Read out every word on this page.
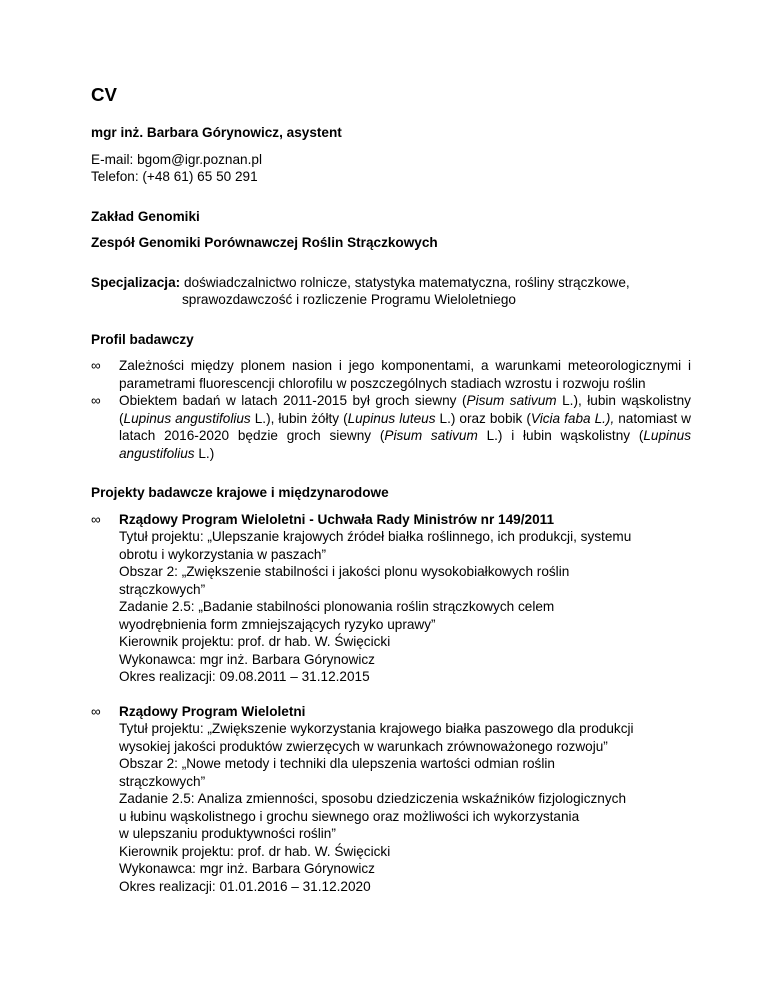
CV
mgr inż. Barbara Górynowicz, asystent
E-mail: bgom@igr.poznan.pl
Telefon: (+48 61) 65 50 291
Zakład Genomiki
Zespół Genomiki Porównawczej Roślin Strączkowych
Specjalizacja: doświadczalnictwo rolnicze, statystyka matematyczna, rośliny strączkowe,
sprawozdawczość i rozliczenie Programu Wieloletniego
Profil badawczy
∞	Zależności między plonem nasion i jego komponentami, a warunkami meteorologicznymi i parametrami fluorescencji chlorofilu w poszczególnych stadiach wzrostu i rozwoju roślin
∞	Obiektem badań w latach 2011-2015 był groch siewny (Pisum sativum L.), łubin wąskolistny (Lupinus angustifolius L.), łubin żółty (Lupinus luteus L.) oraz bobik (Vicia faba L.), natomiast w latach 2016-2020 będzie groch siewny (Pisum sativum L.) i łubin wąskolistny (Lupinus angustifolius L.)
Projekty badawcze krajowe i międzynarodowe
∞	Rządowy Program Wieloletni - Uchwała Rady Ministrów nr 149/2011
Tytuł projektu: „Ulepszanie krajowych źródeł białka roślinnego, ich produkcji, systemu
obrotu i wykorzystania w paszach”
Obszar 2: „Zwiększenie stabilności i jakości plonu wysokobiałkowych roślin
strączkowych”
Zadanie 2.5: „Badanie stabilności plonowania roślin strączkowych celem
wyodrębnienia form zmniejszających ryzyko uprawy”
Kierownik projektu: prof. dr hab. W. Święcicki
Wykonawca: mgr inż. Barbara Górynowicz
Okres realizacji: 09.08.2011 – 31.12.2015
∞	Rządowy Program Wieloletni
Tytuł projektu: „Zwiększenie wykorzystania krajowego białka paszowego dla produkcji
wysokiej jakości produktów zwierzęcych w warunkach zrównoważonego rozwoju”
Obszar 2: „Nowe metody i techniki dla ulepszenia wartości odmian roślin
strączkowych”
Zadanie 2.5: Analiza zmienności, sposobu dziedziczenia wskaźników fizjologicznych
u łubinu wąskolistnego i grochu siewnego oraz możliwości ich wykorzystania
w ulepszaniu produktywności roślin”
Kierownik projektu: prof. dr hab. W. Święcicki
Wykonawca: mgr inż. Barbara Górynowicz
Okres realizacji: 01.01.2016 – 31.12.2020
